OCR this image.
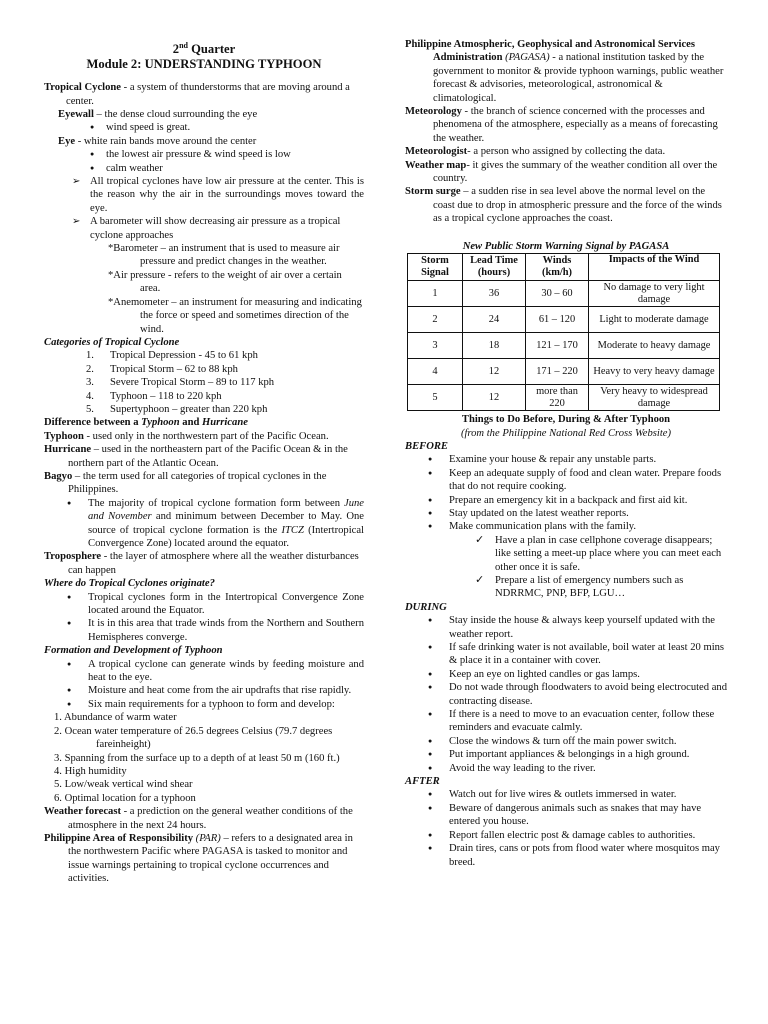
2nd Quarter

Module 2: UNDERSTANDING TYPHOON

Tropical Cyclone - a system of thunderstorms that are moving around a center.

Eyewall – the dense cloud surrounding the eye

● wind speed is great.

Eye - white rain bands move around the center

● the lowest air pressure & wind speed is low

● calm weather

➢ All tropical cyclones have low air pressure at the center. This is the reason why the air in the surroundings moves toward the eye.

➢ A barometer will show decreasing air pressure as a tropical cyclone approaches

*Barometer – an instrument that is used to measure air pressure and predict changes in the weather.

*Air pressure - refers to the weight of air over a certain area.

*Anemometer – an instrument for measuring and indicating the force or speed and sometimes direction of the wind.

Categories of Tropical Cyclone

1.	Tropical Depression - 45 to 61 kph
2.	Tropical Storm – 62 to 88 kph
3.	Severe Tropical Storm – 89 to 117 kph
4.	Typhoon – 118 to 220 kph
5.	Supertyphoon – greater than 220 kph

Difference between a Typhoon and Hurricane

Typhoon - used only in the northwestern part of the Pacific Ocean.

Hurricane – used in the northeastern part of the Pacific Ocean & in the northern part of the Atlantic Ocean.

Bagyo – the term used for all categories of tropical cyclones in the Philippines.

● The majority of tropical cyclone formation form between June and November and minimum between December to May. One source of tropical cyclone formation is the ITCZ (Intertropical Convergence Zone) located around the equator.

Troposphere - the layer of atmosphere where all the weather disturbances can happen

Where do Tropical Cyclones originate?

● Tropical cyclones form in the Intertropical Convergence Zone located around the Equator.

● It is in this area that trade winds from the Northern and Southern Hemispheres converge.

Formation and Development of Typhoon

● A tropical cyclone can generate winds by feeding moisture and heat to the eye.

● Moisture and heat come from the air updrafts that rise rapidly.

● Six main requirements for a typhoon to form and develop:

1. Abundance of warm water

2. Ocean water temperature of 26.5 degrees Celsius (79.7 degrees fareinheight)

3. Spanning from the surface up to a depth of at least 50 m (160 ft.)

4. High humidity

5. Low/weak vertical wind shear

6. Optimal location for a typhoon

Weather forecast - a prediction on the general weather conditions of the atmosphere in the next 24 hours.

Philippine Area of Responsibility (PAR) – refers to a designated area in the northwestern Pacific where PAGASA is tasked to monitor and issue warnings pertaining to tropical cyclone occurrences and activities.

Philippine Atmospheric, Geophysical and Astronomical Services Administration (PAGASA) - a national institution tasked by the government to monitor & provide typhoon warnings, public weather forecast & advisories, meteorological, astronomical & climatological.

Meteorology - the branch of science concerned with the processes and phenomena of the atmosphere, especially as a means of forecasting the weather.

Meteorologist- a person who assigned by collecting the data.

Weather map- it gives the summary of the weather condition all over the country.

Storm surge – a sudden rise in sea level above the normal level on the coast due to drop in atmospheric pressure and the force of the winds as a tropical cyclone approaches the coast.

New Public Storm Warning Signal by PAGASA

Storm Signal	Lead Time (hours)	Winds (km/h)	Impacts of the Wind
1	36	30 – 60	No damage to very light damage
2	24	61 – 120	Light to moderate damage
3	18	121 – 170	Moderate to heavy damage
4	12	171 – 220	Heavy to very heavy damage
5	12	more than 220	Very heavy to widespread damage

Things to Do Before, During & After Typhoon

(from the Philippine National Red Cross Website)

BEFORE

● Examine your house & repair any unstable parts.

● Keep an adequate supply of food and clean water. Prepare foods that do not require cooking.

● Prepare an emergency kit in a backpack and first aid kit.

● Stay updated on the latest weather reports.

● Make communication plans with the family.

✓ Have a plan in case cellphone coverage disappears; like setting a meet-up place where you can meet each other once it is safe.

✓ Prepare a list of emergency numbers such as NDRRMC, PNP, BFP, LGU…

DURING

● Stay inside the house & always keep yourself updated with the weather report.

● If safe drinking water is not available, boil water at least 20 mins & place it in a container with cover.

● Keep an eye on lighted candles or gas lamps.

● Do not wade through floodwaters to avoid being electrocuted and contracting disease.

● If there is a need to move to an evacuation center, follow these reminders and evacuate calmly.

● Close the windows & turn off the main power switch.

● Put important appliances & belongings in a high ground.

● Avoid the way leading to the river.

AFTER

● Watch out for live wires & outlets immersed in water.

● Beware of dangerous animals such as snakes that may have entered you house.

● Report fallen electric post & damage cables to authorities.

● Drain tires, cans or pots from flood water where mosquitos may breed.
